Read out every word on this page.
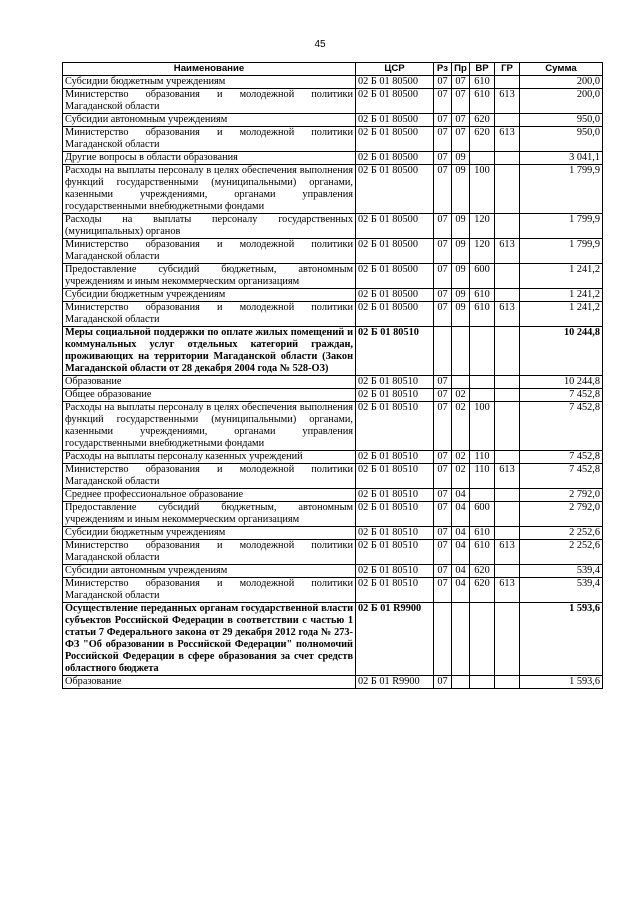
45
Наименование	ЦСР	Рз	Пр	ВР	ГР	Сумма
Субсидии бюджетным учреждениям	02 Б 01 80500	07	07	610		200,0
Министерство образования и молодежной политики Магаданской области	02 Б 01 80500	07	07	610	613	200,0
Субсидии автономным учреждениям	02 Б 01 80500	07	07	620		950,0
Министерство образования и молодежной политики Магаданской области	02 Б 01 80500	07	07	620	613	950,0
Другие вопросы в области образования	02 Б 01 80500	07	09			3 041,1
Расходы на выплаты персоналу в целях обеспечения выполнения функций государственными (муниципальными) органами, казенными учреждениями, органами управления государственными внебюджетными фондами	02 Б 01 80500	07	09	100		1 799,9
Расходы на выплаты персоналу государственных (муниципальных) органов	02 Б 01 80500	07	09	120		1 799,9
Министерство образования и молодежной политики Магаданской области	02 Б 01 80500	07	09	120	613	1 799,9
Предоставление субсидий бюджетным, автономным учреждениям и иным некоммерческим организациям	02 Б 01 80500	07	09	600		1 241,2
Субсидии бюджетным учреждениям	02 Б 01 80500	07	09	610		1 241,2
Министерство образования и молодежной политики Магаданской области	02 Б 01 80500	07	09	610	613	1 241,2
Меры социальной поддержки по оплате жилых помещений и коммунальных услуг отдельных категорий граждан, проживающих на территории Магаданской области (Закон Магаданской области от 28 декабря 2004 года № 528-ОЗ)	02 Б 01 80510					10 244,8
Образование	02 Б 01 80510	07				10 244,8
Общее образование	02 Б 01 80510	07	02			7 452,8
Расходы на выплаты персоналу в целях обеспечения выполнения функций государственными (муниципальными) органами, казенными учреждениями, органами управления государственными внебюджетными фондами	02 Б 01 80510	07	02	100		7 452,8
Расходы на выплаты персоналу казенных учреждений	02 Б 01 80510	07	02	110		7 452,8
Министерство образования и молодежной политики Магаданской области	02 Б 01 80510	07	02	110	613	7 452,8
Среднее профессиональное образование	02 Б 01 80510	07	04			2 792,0
Предоставление субсидий бюджетным, автономным учреждениям и иным некоммерческим организациям	02 Б 01 80510	07	04	600		2 792,0
Субсидии бюджетным учреждениям	02 Б 01 80510	07	04	610		2 252,6
Министерство образования и молодежной политики Магаданской области	02 Б 01 80510	07	04	610	613	2 252,6
Субсидии автономным учреждениям	02 Б 01 80510	07	04	620		539,4
Министерство образования и молодежной политики Магаданской области	02 Б 01 80510	07	04	620	613	539,4
Осуществление переданных органам государственной власти субъектов Российской Федерации в соответствии с частью 1 статьи 7 Федерального закона от 29 декабря 2012 года № 273-ФЗ "Об образовании в Российской Федерации" полномочий Российской Федерации в сфере образования за счет средств областного бюджета	02 Б 01 R9900					1 593,6
Образование	02 Б 01 R9900	07				1 593,6
